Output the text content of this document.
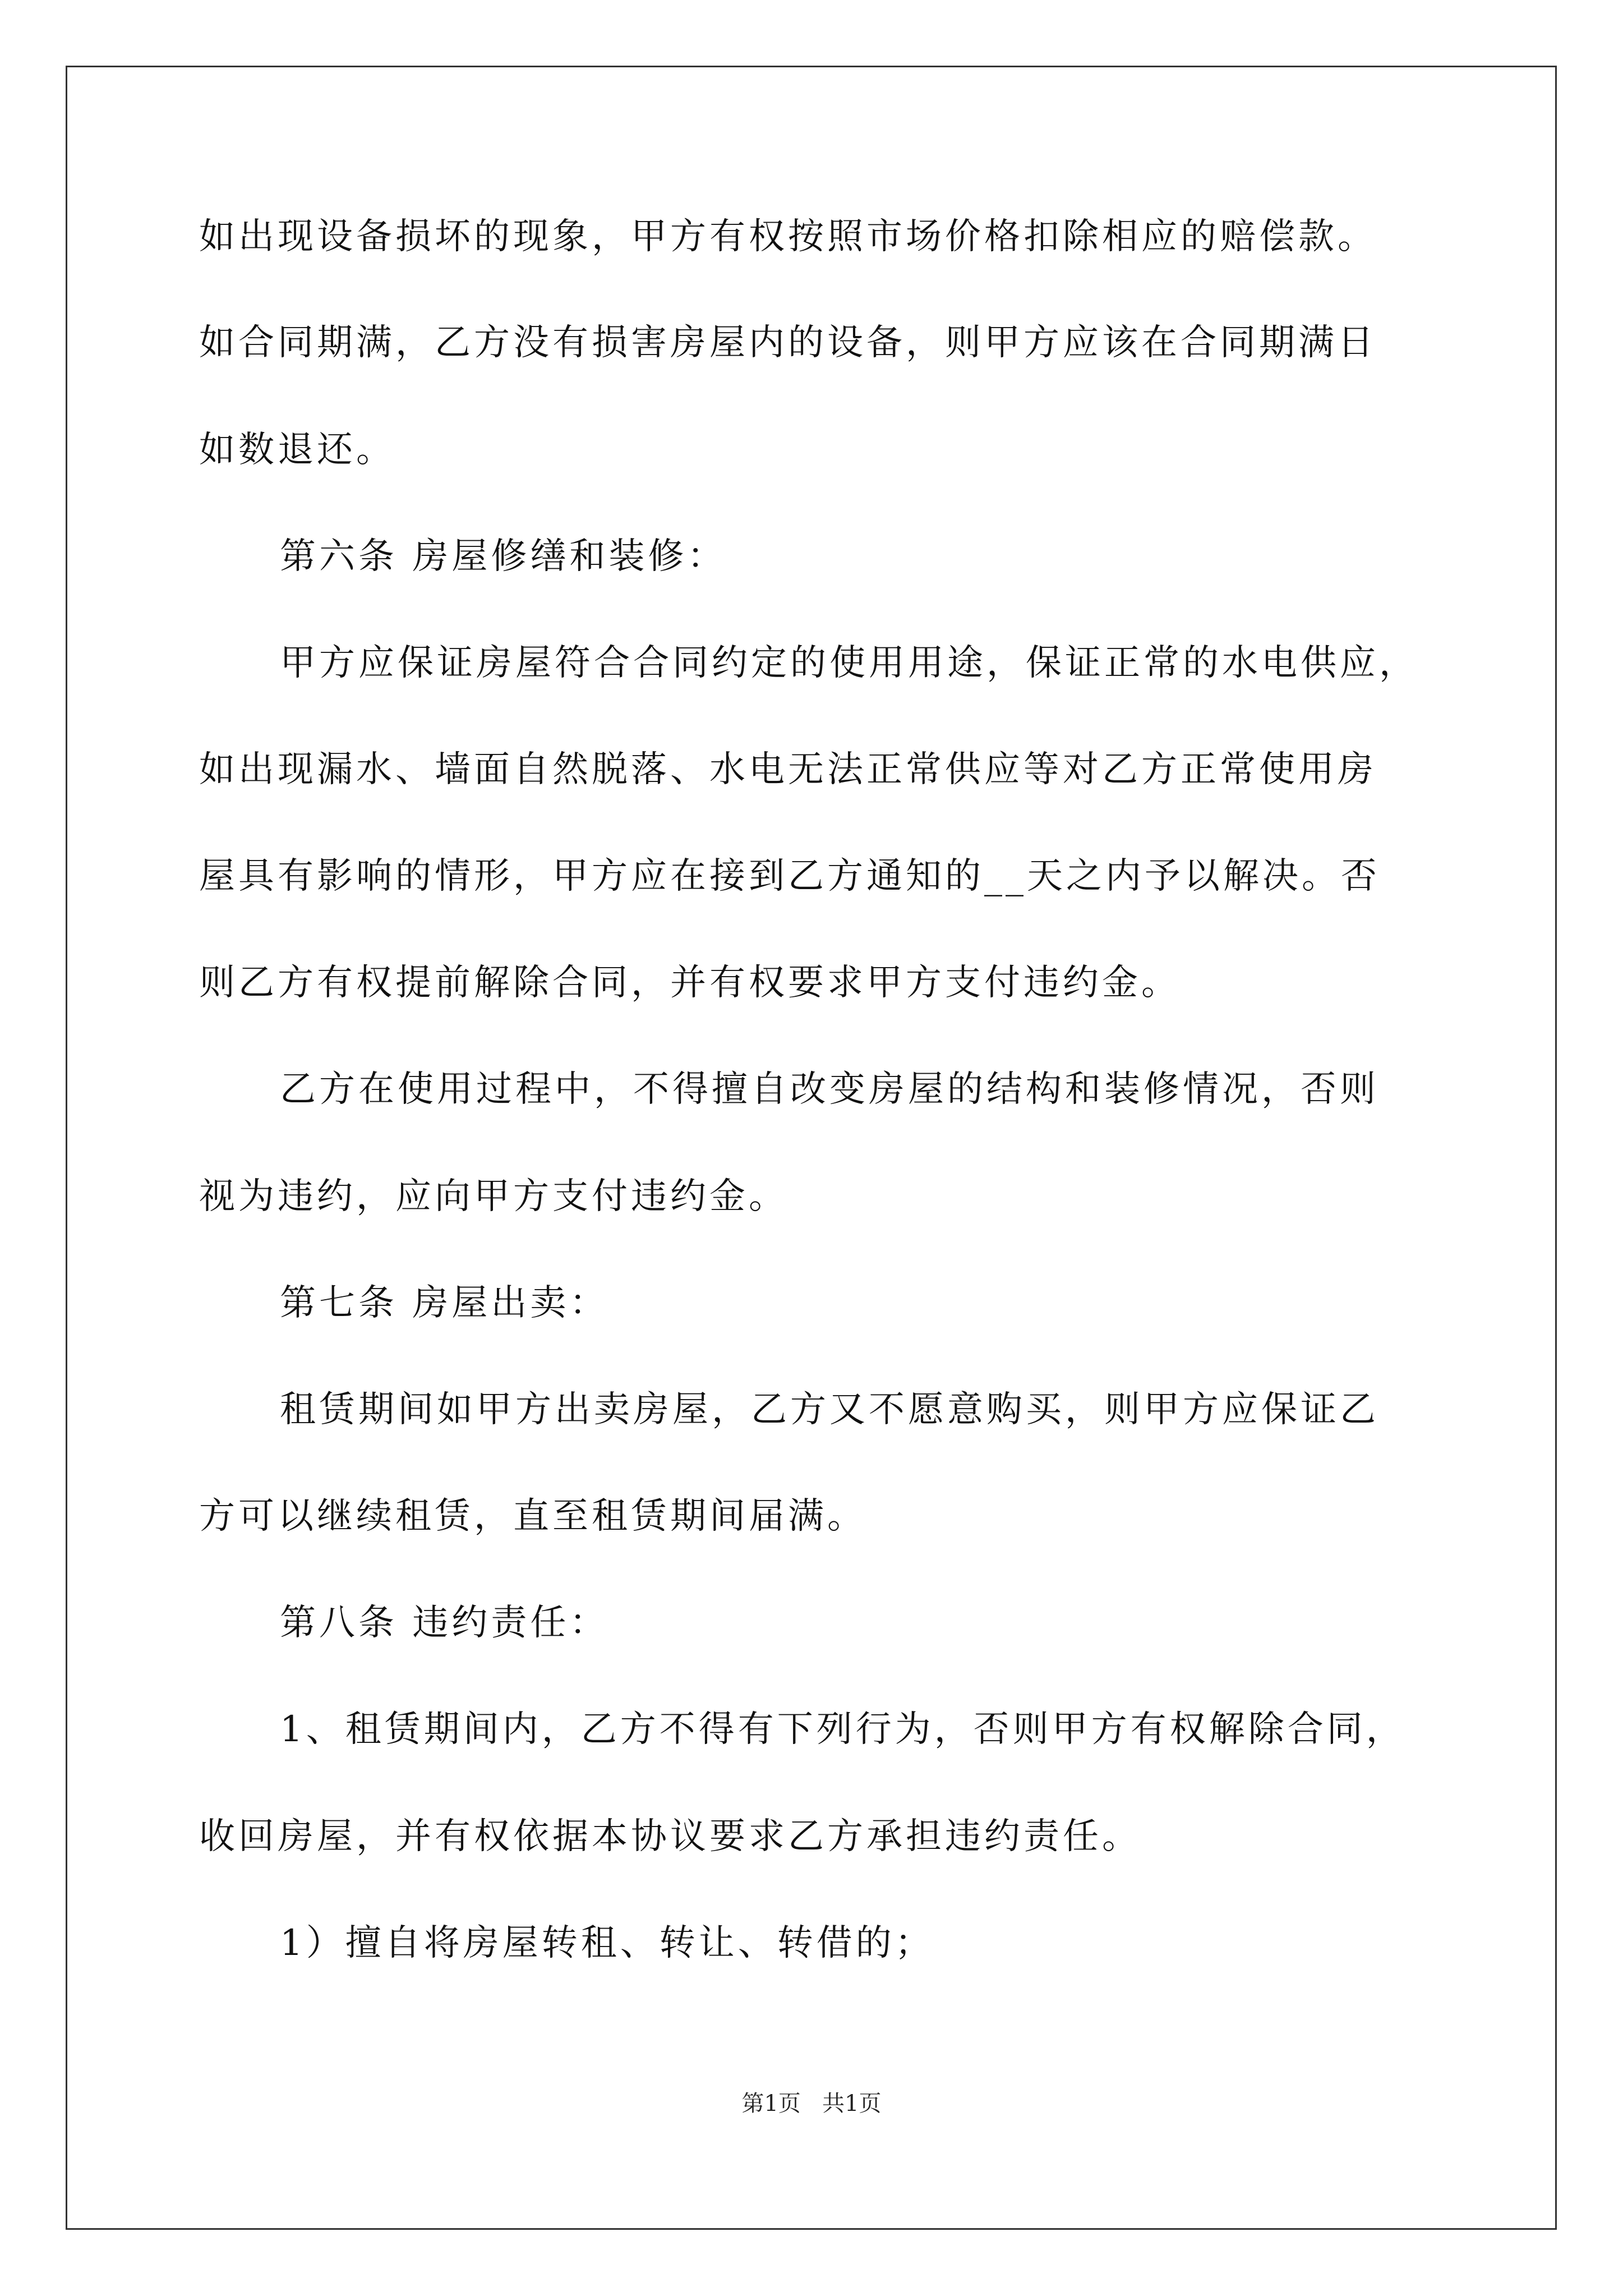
如出现设备损坏的现象，甲方有权按照市场价格扣除相应的赔偿款。
如合同期满，乙方没有损害房屋内的设备，则甲方应该在合同期满日
如数退还。
第六条 房屋修缮和装修：
甲方应保证房屋符合合同约定的使用用途，保证正常的水电供应，
如出现漏水、墙面自然脱落、水电无法正常供应等对乙方正常使用房
屋具有影响的情形，甲方应在接到乙方通知的__天之内予以解决。否
则乙方有权提前解除合同，并有权要求甲方支付违约金。
乙方在使用过程中，不得擅自改变房屋的结构和装修情况，否则
视为违约，应向甲方支付违约金。
第七条 房屋出卖：
租赁期间如甲方出卖房屋，乙方又不愿意购买，则甲方应保证乙
方可以继续租赁，直至租赁期间届满。
第八条 违约责任：
1、租赁期间内，乙方不得有下列行为，否则甲方有权解除合同，
收回房屋，并有权依据本协议要求乙方承担违约责任。
1）擅自将房屋转租、转让、转借的；
第1页   共1页
